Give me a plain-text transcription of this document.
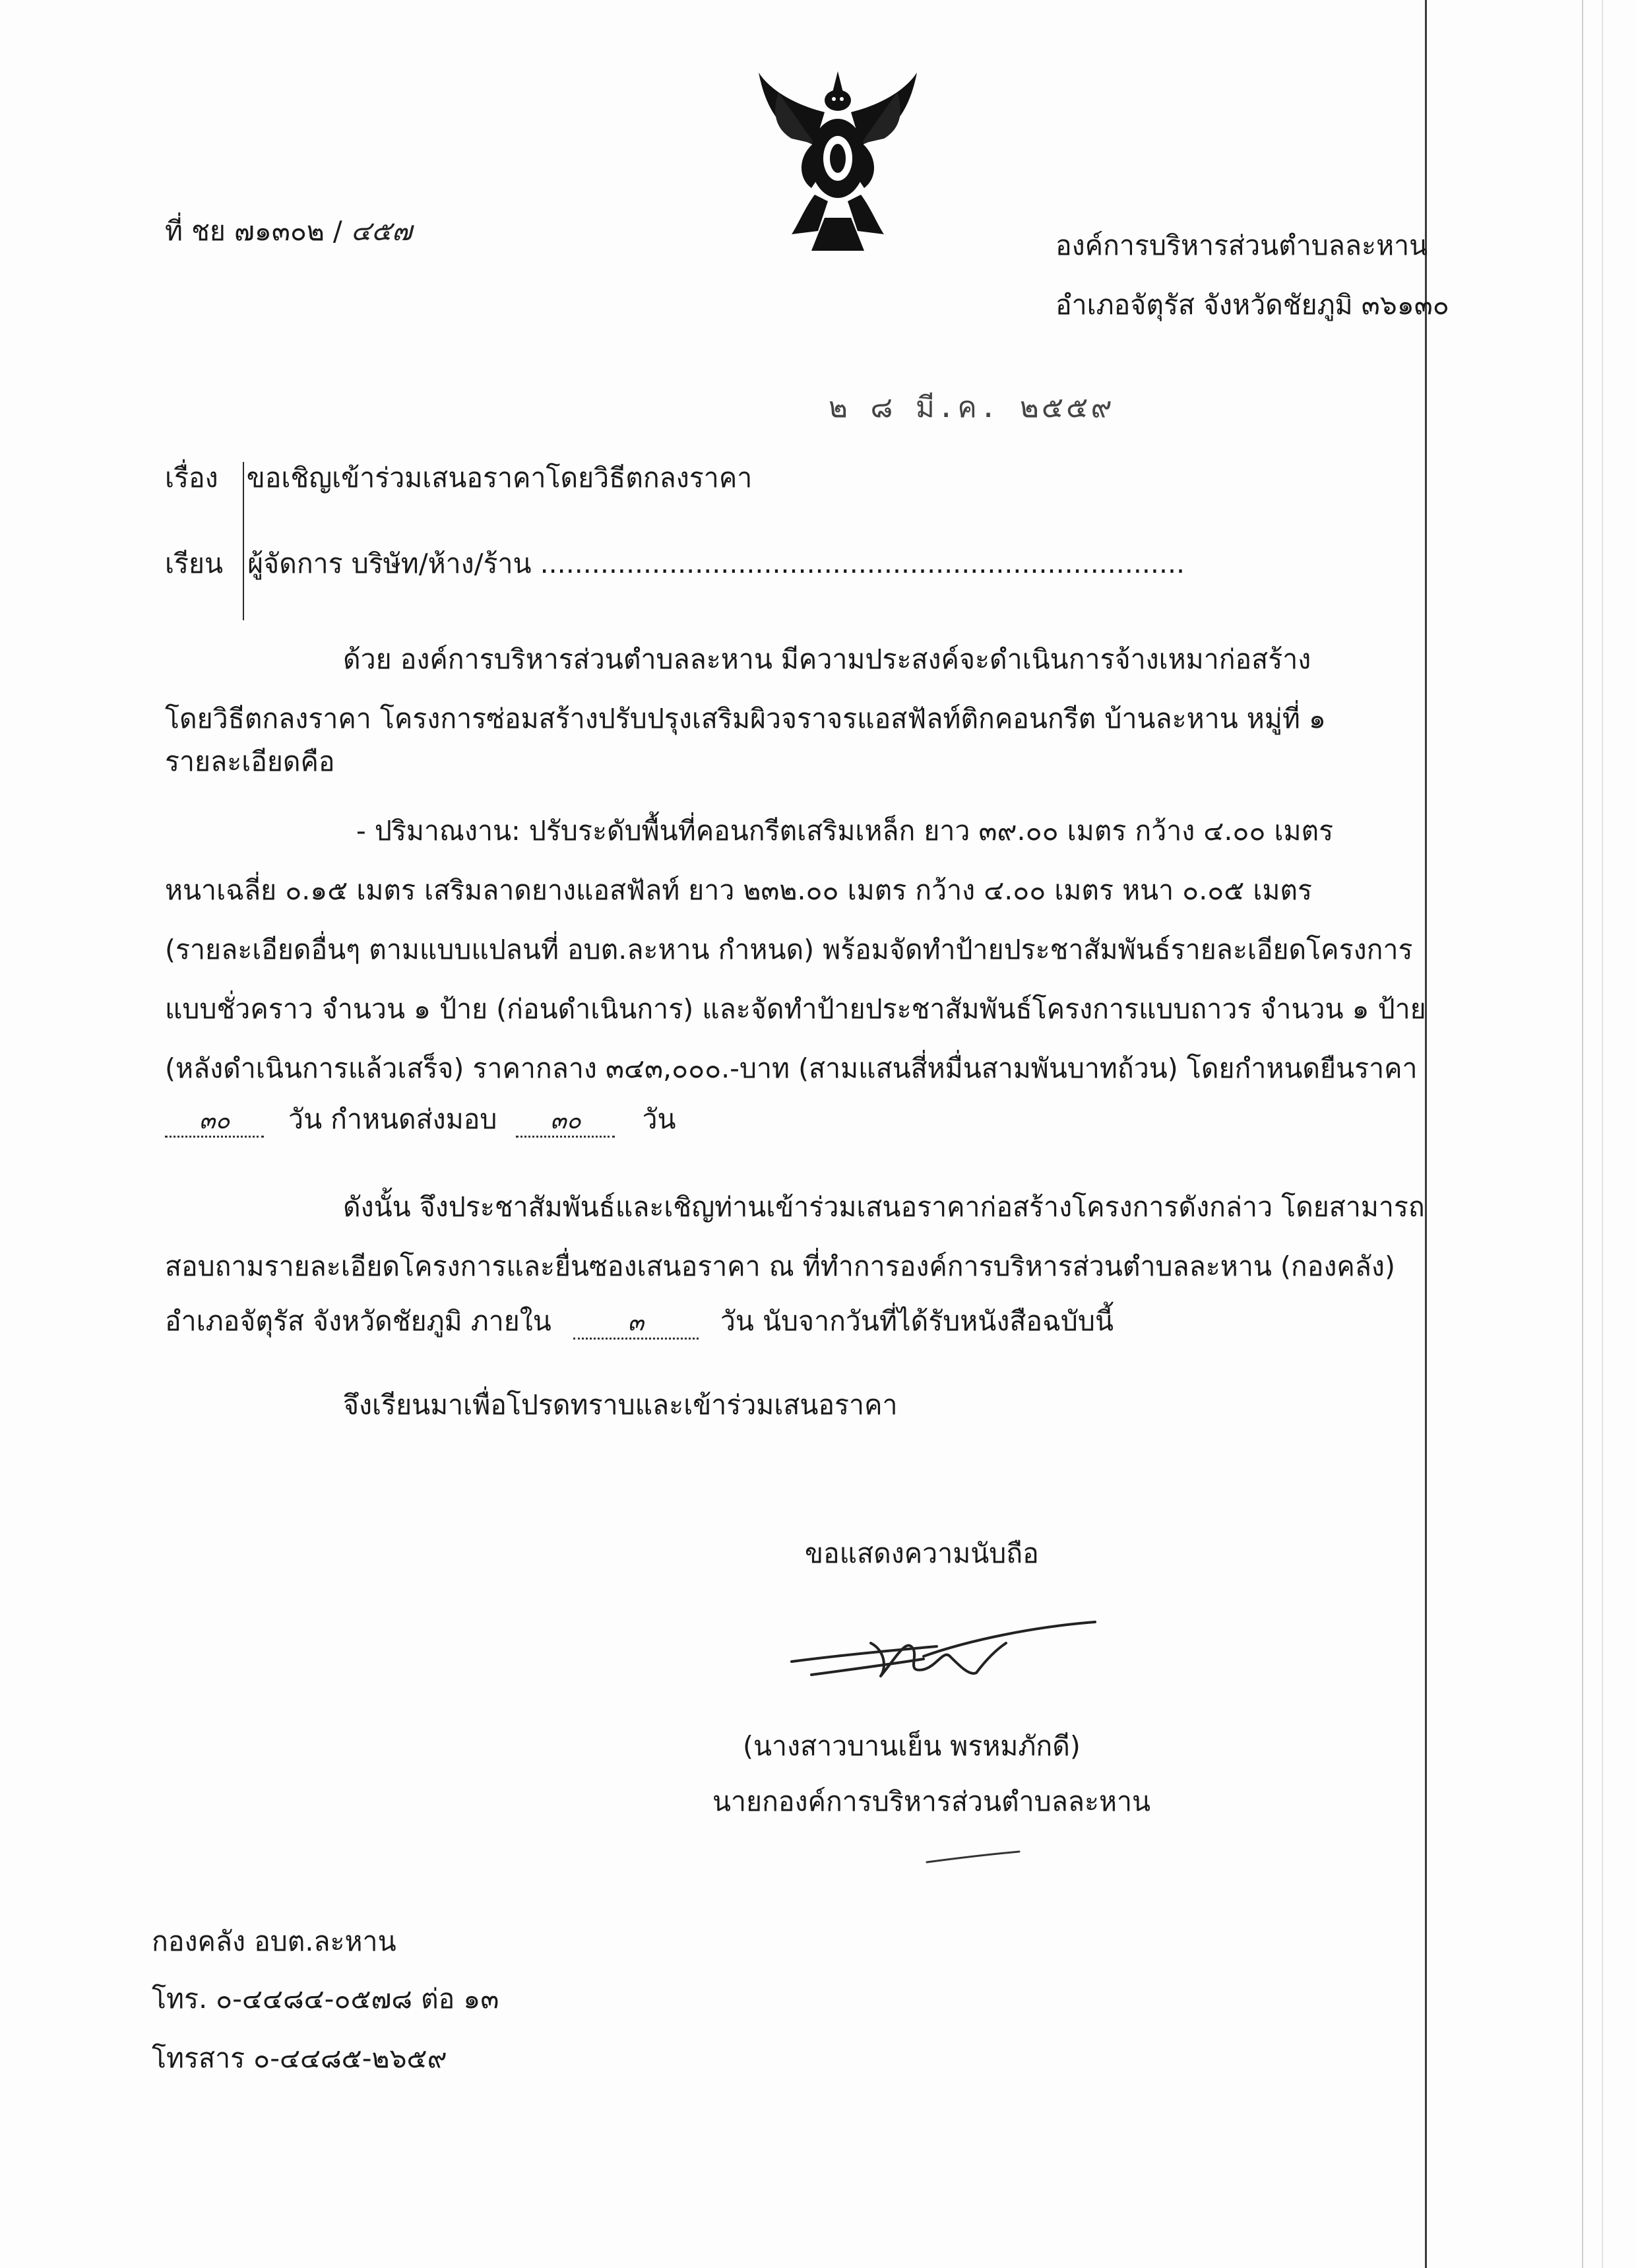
ที่ ชย ๗๑๓๐๒ / ๔๕๗	องค์การบริหารส่วนตำบลละหาน
อำเภอจัตุรัส จังหวัดชัยภูมิ ๓๖๑๓๐
๒ ๘ มี.ค. ๒๕๕๙
เรื่อง ขอเชิญเข้าร่วมเสนอราคาโดยวิธีตกลงราคา
เรียน ผู้จัดการ บริษัท/ห้าง/ร้าน ...........................................................................
ด้วย องค์การบริหารส่วนตำบลละหาน มีความประสงค์จะดำเนินการจ้างเหมาก่อสร้าง
โดยวิธีตกลงราคา โครงการซ่อมสร้างปรับปรุงเสริมผิวจราจรแอสฟัลท์ติกคอนกรีต บ้านละหาน หมู่ที่ ๑
รายละเอียดคือ
- ปริมาณงาน: ปรับระดับพื้นที่คอนกรีตเสริมเหล็ก ยาว ๓๙.๐๐ เมตร กว้าง ๔.๐๐ เมตร
หนาเฉลี่ย ๐.๑๕ เมตร เสริมลาดยางแอสฟัลท์ ยาว ๒๓๒.๐๐ เมตร กว้าง ๔.๐๐ เมตร หนา ๐.๐๕ เมตร
(รายละเอียดอื่นๆ ตามแบบแปลนที่ อบต.ละหาน กำหนด) พร้อมจัดทำป้ายประชาสัมพันธ์รายละเอียดโครงการ
แบบชั่วคราว จำนวน ๑ ป้าย (ก่อนดำเนินการ) และจัดทำป้ายประชาสัมพันธ์โครงการแบบถาวร จำนวน ๑ ป้าย
(หลังดำเนินการแล้วเสร็จ) ราคากลาง ๓๔๓,๐๐๐.-บาท (สามแสนสี่หมื่นสามพันบาทถ้วน) โดยกำหนดยืนราคา
๓๐ วัน กำหนดส่งมอบ ๓๐ วัน
ดังนั้น จึงประชาสัมพันธ์และเชิญท่านเข้าร่วมเสนอราคาก่อสร้างโครงการดังกล่าว โดยสามารถ
สอบถามรายละเอียดโครงการและยื่นซองเสนอราคา ณ ที่ทำการองค์การบริหารส่วนตำบลละหาน (กองคลัง)
อำเภอจัตุรัส จังหวัดชัยภูมิ ภายใน	๓	วัน นับจากวันที่ได้รับหนังสือฉบับนี้
จึงเรียนมาเพื่อโปรดทราบและเข้าร่วมเสนอราคา
ขอแสดงความนับถือ
(นางสาวบานเย็น พรหมภักดี)
นายกองค์การบริหารส่วนตำบลละหาน
กองคลัง อบต.ละหาน
โทร. ๐-๔๔๘๔-๐๕๗๘ ต่อ ๑๓
โทรสาร ๐-๔๔๘๕-๒๖๕๙
